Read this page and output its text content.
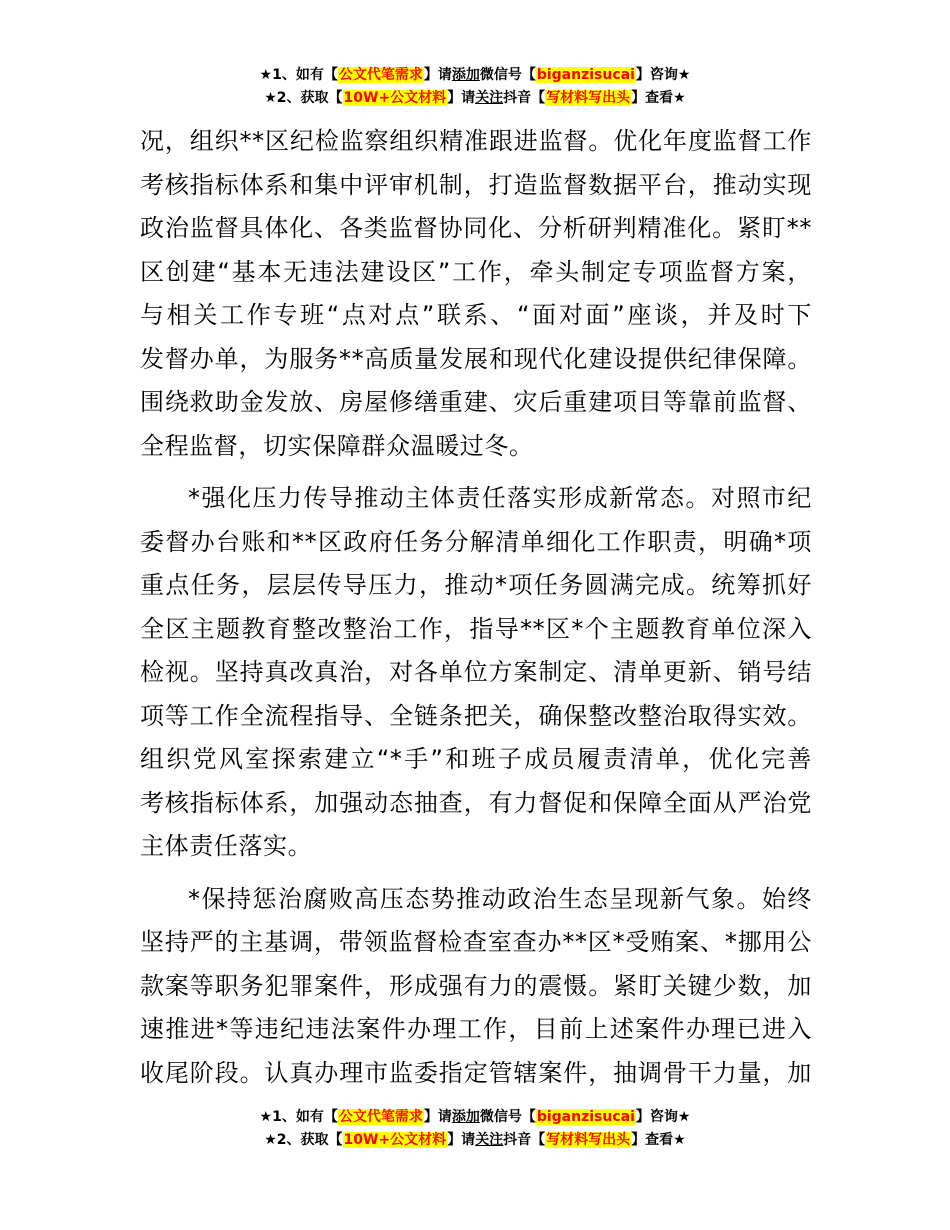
★1、如有【公文代笔需求】请添加微信号【biganzisucai】咨询★
★2、获取【10W+公文材料】请关注抖音【写材料写出头】查看★

况，组织**区纪检监察组织精准跟进监督。优化年度监督工作
考核指标体系和集中评审机制，打造监督数据平台，推动实现
政治监督具体化、各类监督协同化、分析研判精准化。紧盯**
区创建“基本无违法建设区”工作，牵头制定专项监督方案，
与相关工作专班“点对点”联系、“面对面”座谈，并及时下
发督办单，为服务**高质量发展和现代化建设提供纪律保障。
围绕救助金发放、房屋修缮重建、灾后重建项目等靠前监督、
全程监督，切实保障群众温暖过冬。

*强化压力传导推动主体责任落实形成新常态。对照市纪
委督办台账和**区政府任务分解清单细化工作职责，明确*项
重点任务，层层传导压力，推动*项任务圆满完成。统筹抓好
全区主题教育整改整治工作，指导**区*个主题教育单位深入
检视。坚持真改真治，对各单位方案制定、清单更新、销号结
项等工作全流程指导、全链条把关，确保整改整治取得实效。
组织党风室探索建立“*手”和班子成员履责清单，优化完善
考核指标体系，加强动态抽查，有力督促和保障全面从严治党
主体责任落实。

*保持惩治腐败高压态势推动政治生态呈现新气象。始终
坚持严的主基调，带领监督检查室查办**区*受贿案、*挪用公
款案等职务犯罪案件，形成强有力的震慑。紧盯关键少数，加
速推进*等违纪违法案件办理工作，目前上述案件办理已进入
收尾阶段。认真办理市监委指定管辖案件，抽调骨干力量，加

★1、如有【公文代笔需求】请添加微信号【biganzisucai】咨询★
★2、获取【10W+公文材料】请关注抖音【写材料写出头】查看★
